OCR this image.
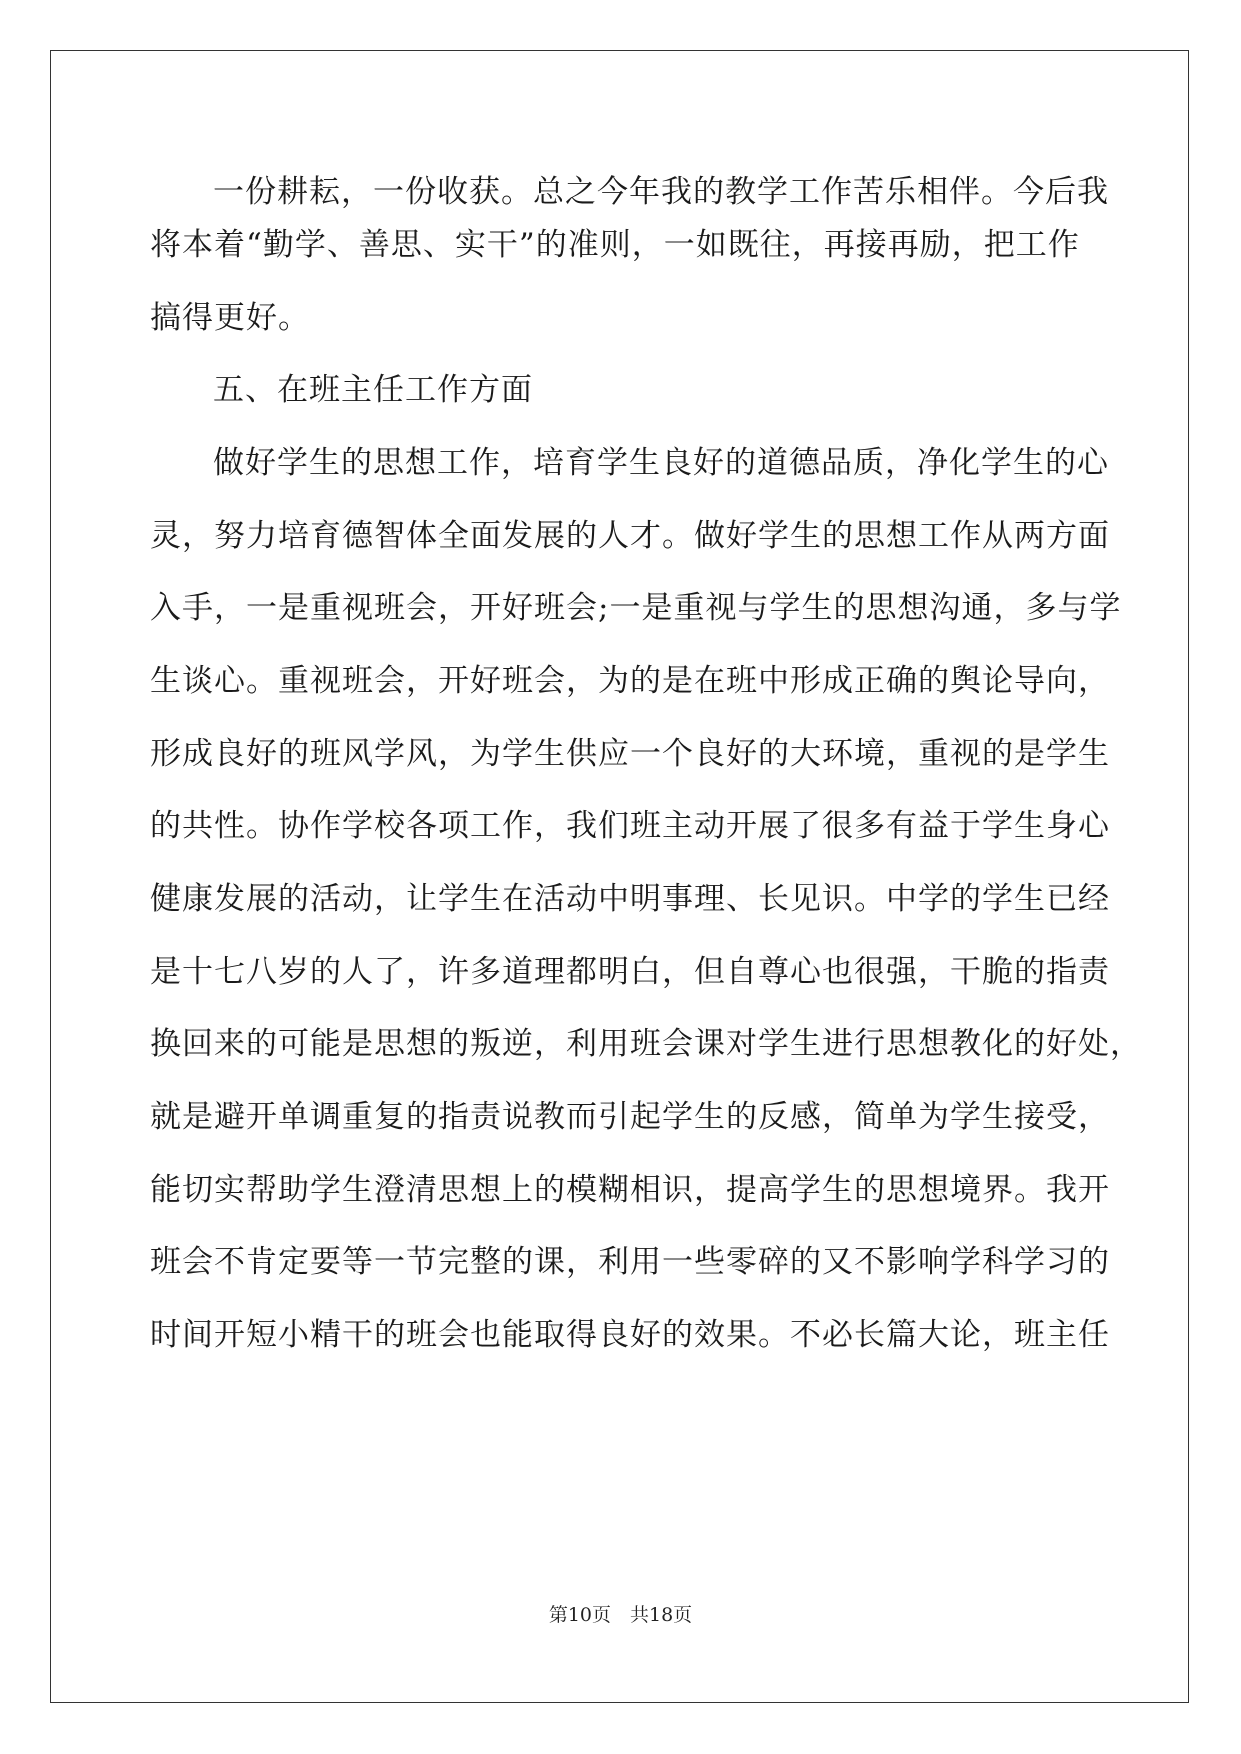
一份耕耘，一份收获。总之今年我的教学工作苦乐相伴。今后我

将本着“勤学、善思、实干”的准则，一如既往，再接再励，把工作

搞得更好。

五、在班主任工作方面

做好学生的思想工作，培育学生良好的道德品质，净化学生的心

灵，努力培育德智体全面发展的人才。做好学生的思想工作从两方面

入手，一是重视班会，开好班会;一是重视与学生的思想沟通，多与学

生谈心。重视班会，开好班会，为的是在班中形成正确的舆论导向，

形成良好的班风学风，为学生供应一个良好的大环境，重视的是学生

的共性。协作学校各项工作，我们班主动开展了很多有益于学生身心

健康发展的活动，让学生在活动中明事理、长见识。中学的学生已经

是十七八岁的人了，许多道理都明白，但自尊心也很强，干脆的指责

换回来的可能是思想的叛逆，利用班会课对学生进行思想教化的好处，

就是避开单调重复的指责说教而引起学生的反感，简单为学生接受，

能切实帮助学生澄清思想上的模糊相识，提高学生的思想境界。我开

班会不肯定要等一节完整的课，利用一些零碎的又不影响学科学习的

时间开短小精干的班会也能取得良好的效果。不必长篇大论，班主任

第10页　共18页
